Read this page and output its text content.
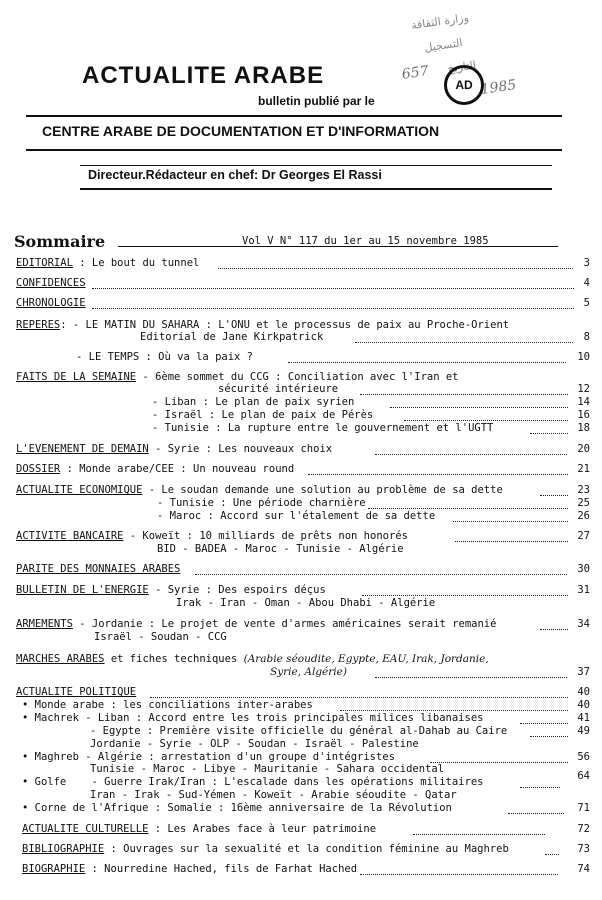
وزارة الثقافة
التسجيل
التاريخ
657
1985
ACTUALITE ARABE
bulletin publié par le
AD
CENTRE ARABE DE DOCUMENTATION ET D'INFORMATION
Directeur.Rédacteur en chef: Dr Georges El Rassi
Sommaire	Vol V N° 117 du 1er au 15 novembre 1985
EDITORIAL : Le bout du tunnel	3
CONFIDENCES	4
CHRONOLOGIE	5
REPERES: - LE MATIN DU SAHARA : L'ONU et le processus de paix au Proche-Orient
Editorial de Jane Kirkpatrick	8
- LE TEMPS : Où va la paix ?	10
FAITS DE LA SEMAINE - 6ème sommet du CCG : Conciliation avec l'Iran et
sécurité intérieure	12
- Liban : Le plan de paix syrien	14
- Israël : Le plan de paix de Pérès	16
- Tunisie : La rupture entre le gouvernement et l'UGTT	18
L'EVENEMENT DE DEMAIN - Syrie : Les nouveaux choix	20
DOSSIER : Monde arabe/CEE : Un nouveau round	21
ACTUALITE ECONOMIQUE - Le soudan demande une solution au problème de sa dette	23
- Tunisie : Une période charnière	25
- Maroc : Accord sur l'étalement de sa dette	26
ACTIVITE BANCAIRE - Koweït : 10 milliards de prêts non honorés	27
BID - BADEA - Maroc - Tunisie - Algérie
PARITE DES MONNAIES ARABES	30
BULLETIN DE L'ENERGIE - Syrie : Des espoirs déçus	31
Irak - Iran - Oman - Abou Dhabi - Algérie
ARMEMENTS - Jordanie : Le projet de vente d'armes américaines serait remanié	34
Israël - Soudan - CCG
MARCHES ARABES et fiches techniques (Arabie séoudite, Egypte, EAU, Irak, Jordanie,
Syrie, Algérie)	37
ACTUALITE POLITIQUE	40
• Monde arabe : les conciliations inter-arabes	40
• Machrek - Liban : Accord entre les trois principales milices libanaises	41
- Egypte : Première visite officielle du général al-Dahab au Caire	49
Jordanie - Syrie - OLP - Soudan - Israël - Palestine
• Maghreb - Algérie : arrestation d'un groupe d'intégristes	56
Tunisie - Maroc - Libye - Mauritanie - Sahara occidental
• Golfe    - Guerre Irak/Iran : L'escalade dans les opérations militaires	64
Iran - Irak - Sud-Yémen - Koweït - Arabie séoudite - Qatar
• Corne de l'Afrique : Somalie : 16ème anniversaire de la Révolution	71
ACTUALITE CULTURELLE : Les Arabes face à leur patrimoine	72
BIBLIOGRAPHIE : Ouvrages sur la sexualité et la condition féminine au Maghreb	73
BIOGRAPHIE : Nourredine Hached, fils de Farhat Hached	74
